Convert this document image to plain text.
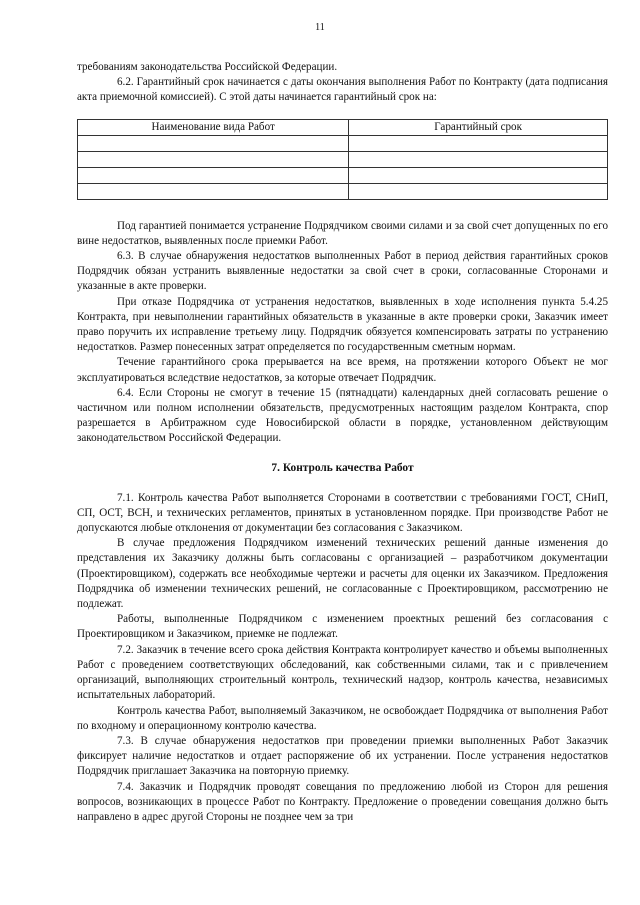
11

требованиям законодательства Российской Федерации.

6.2. Гарантийный срок начинается с даты окончания выполнения Работ по Контракту (дата подписания акта приемочной комиссией). С этой даты начинается гарантийный срок на:

Наименование вида Работ	Гарантийный срок

Под гарантией понимается устранение Подрядчиком своими силами и за свой счет допущенных по его вине недостатков, выявленных после приемки Работ.

6.3. В случае обнаружения недостатков выполненных Работ в период действия гарантийных сроков Подрядчик обязан устранить выявленные недостатки за свой счет в сроки, согласованные Сторонами и указанные в акте проверки.

При отказе Подрядчика от устранения недостатков, выявленных в ходе исполнения пункта 5.4.25 Контракта, при невыполнении гарантийных обязательств в указанные в акте проверки сроки, Заказчик имеет право поручить их исправление третьему лицу. Подрядчик обязуется компенсировать затраты по устранению недостатков. Размер понесенных затрат определяется по государственным сметным нормам.

Течение гарантийного срока прерывается на все время, на протяжении которого Объект не мог эксплуатироваться вследствие недостатков, за которые отвечает Подрядчик.

6.4. Если Стороны не смогут в течение 15 (пятнадцати) календарных дней согласовать решение о частичном или полном исполнении обязательств, предусмотренных настоящим разделом Контракта, спор разрешается в Арбитражном суде Новосибирской области в порядке, установленном действующим законодательством Российской Федерации.

7. Контроль качества Работ

7.1. Контроль качества Работ выполняется Сторонами в соответствии с требованиями ГОСТ, СНиП, СП, ОСТ, ВСН, и технических регламентов, принятых в установленном порядке. При производстве Работ не допускаются любые отклонения от документации без согласования с Заказчиком.

В случае предложения Подрядчиком изменений технических решений данные изменения до представления их Заказчику должны быть согласованы с организацией – разработчиком документации (Проектировщиком), содержать все необходимые чертежи и расчеты для оценки их Заказчиком. Предложения Подрядчика об изменении технических решений, не согласованные с Проектировщиком, рассмотрению не подлежат.

Работы, выполненные Подрядчиком с изменением проектных решений без согласования с Проектировщиком и Заказчиком, приемке не подлежат.

7.2. Заказчик в течение всего срока действия Контракта контролирует качество и объемы выполненных Работ с проведением соответствующих обследований, как собственными силами, так и с привлечением организаций, выполняющих строительный контроль, технический надзор, контроль качества, независимых испытательных лабораторий.

Контроль качества Работ, выполняемый Заказчиком, не освобождает Подрядчика от выполнения Работ по входному и операционному контролю качества.

7.3. В случае обнаружения недостатков при проведении приемки выполненных Работ Заказчик фиксирует наличие недостатков и отдает распоряжение об их устранении. После устранения недостатков Подрядчик приглашает Заказчика на повторную приемку.

7.4. Заказчик и Подрядчик проводят совещания по предложению любой из Сторон для решения вопросов, возникающих в процессе Работ по Контракту. Предложение о проведении совещания должно быть направлено в адрес другой Стороны не позднее чем за три
